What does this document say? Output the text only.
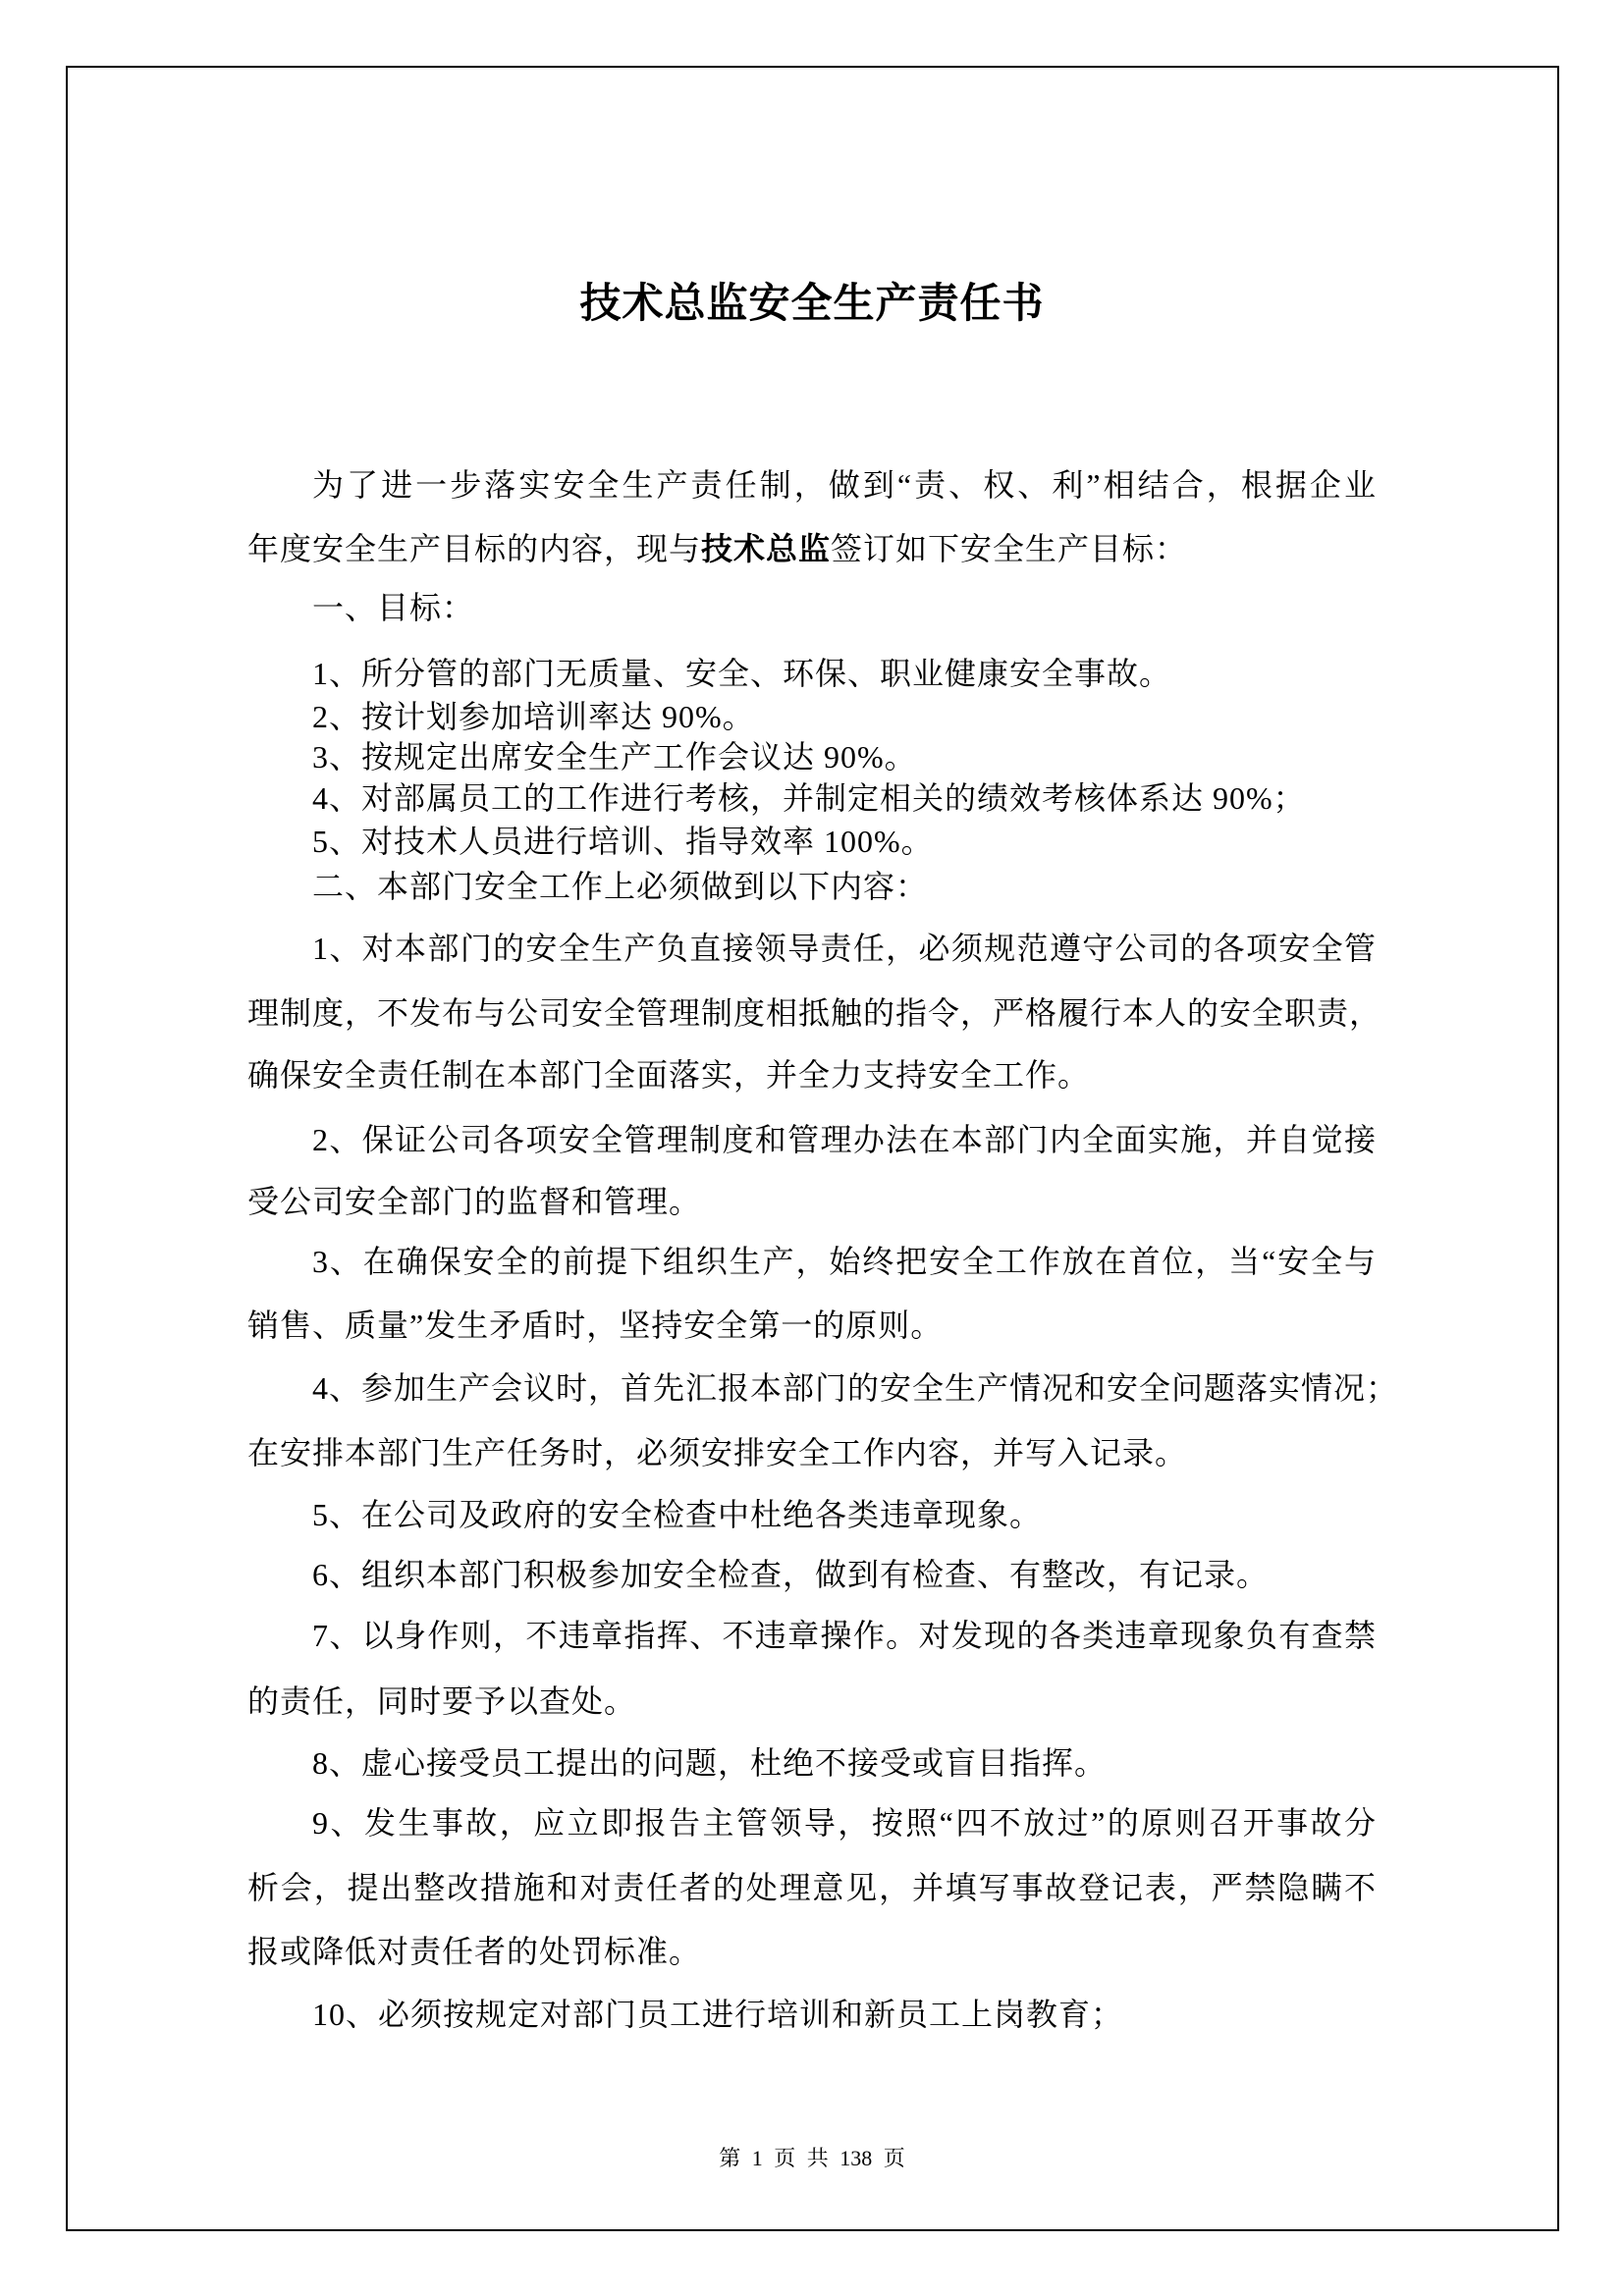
技术总监安全生产责任书
为了进一步落实安全生产责任制，做到“责、权、利”相结合，根据企业
年度安全生产目标的内容，现与技术总监签订如下安全生产目标：
一、目标：
1、所分管的部门无质量、安全、环保、职业健康安全事故。
2、按计划参加培训率达 90%。
3、按规定出席安全生产工作会议达 90%。
4、对部属员工的工作进行考核，并制定相关的绩效考核体系达 90%；
5、对技术人员进行培训、指导效率 100%。
二、本部门安全工作上必须做到以下内容：
1、对本部门的安全生产负直接领导责任，必须规范遵守公司的各项安全管
理制度，不发布与公司安全管理制度相抵触的指令，严格履行本人的安全职责，
确保安全责任制在本部门全面落实，并全力支持安全工作。
2、保证公司各项安全管理制度和管理办法在本部门内全面实施，并自觉接
受公司安全部门的监督和管理。
3、在确保安全的前提下组织生产，始终把安全工作放在首位，当“安全与
销售、质量”发生矛盾时，坚持安全第一的原则。
4、参加生产会议时，首先汇报本部门的安全生产情况和安全问题落实情况；
在安排本部门生产任务时，必须安排安全工作内容，并写入记录。
5、在公司及政府的安全检查中杜绝各类违章现象。
6、组织本部门积极参加安全检查，做到有检查、有整改，有记录。
7、以身作则，不违章指挥、不违章操作。对发现的各类违章现象负有查禁
的责任，同时要予以查处。
8、虚心接受员工提出的问题，杜绝不接受或盲目指挥。
9、发生事故，应立即报告主管领导，按照“四不放过”的原则召开事故分
析会，提出整改措施和对责任者的处理意见，并填写事故登记表，严禁隐瞒不
报或降低对责任者的处罚标准。
10、必须按规定对部门员工进行培训和新员工上岗教育；
第 1 页 共 138 页
